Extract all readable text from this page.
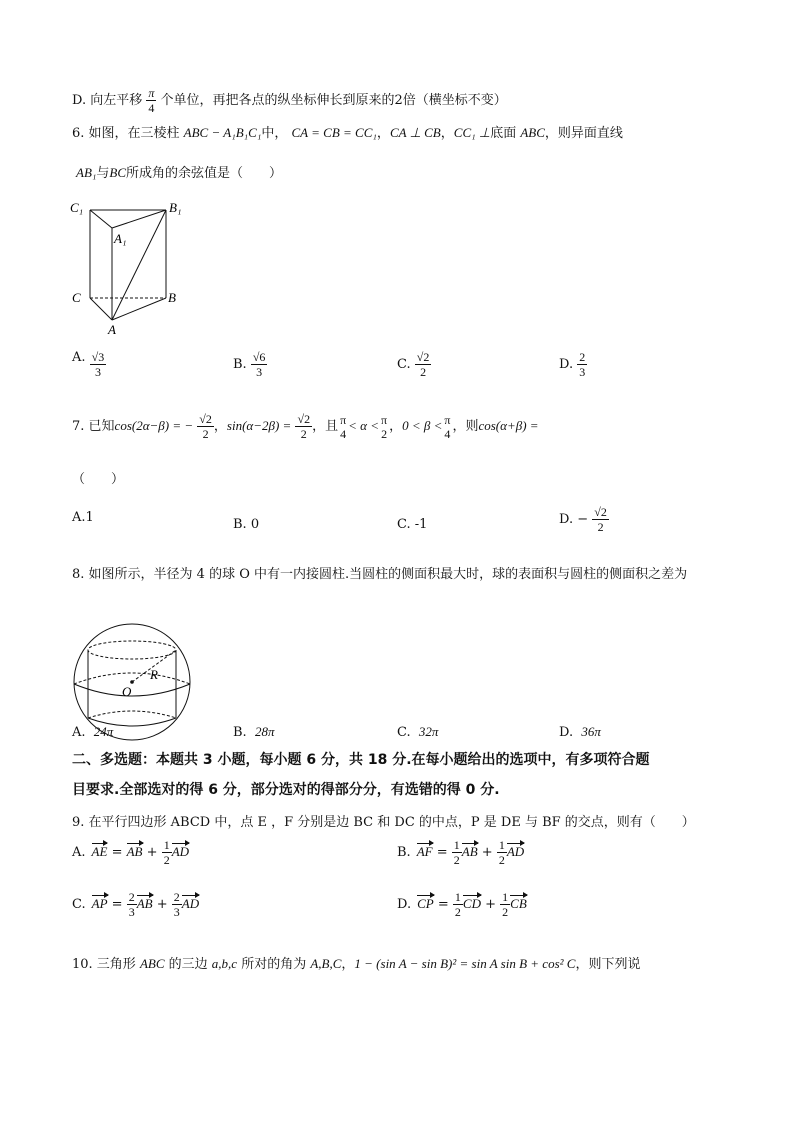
D. 向左平移 $\frac{\pi}{4}$ 个单位，再把各点的纵坐标伸长到原来的2倍（横坐标不变）
6. 如图，在三棱柱 ABC − A₁B₁C₁中， CA = CB = CC₁，CA ⊥ CB，CC₁ ⊥底面 ABC，则异面直线
AB₁与BC所成角的余弦值是（　　）
C₁	B₁
A₁
C	B
A
A. $\frac{√3}{3}$	B. $\frac{√6}{3}$	C. $\frac{√2}{2}$	D. $\frac{2}{3}$
7. 已知cos(2α−β) = − $\frac{√2}{2}$ ，$\sin(\alpha-2\beta) = \frac{√2}{2}$ ，且 π
4
< α < π
2 ，0 < β < π
4 ，则cos(α+β) =
（　　）
A.1	B. 0	C. -1	D. − $\frac{√2}{2}$
8. 如图所示，半径为 4 的球 O 中有一内接圆柱.当圆柱的侧面积最大时，球的表面积与圆柱的侧面积之差为
R
O
A. 24π	B. 28π	C. 32π	D. 36π
二、多选题：本题共 3 小题，每小题 6 分，共 18 分.在每小题给出的选项中，有多项符合题
目要求.全部选对的得 6 分，部分选对的得部分分，有选错的得 0 分.
9. 在平行四边形 ABCD 中，点 E ，F 分别是边 BC 和 DC 的中点，P 是 DE 与 BF 的交点，则有（　　）
A. AE = AB + $\frac{1}{2}$ AD	B. AF = $\frac{1}{2}$ AB + $\frac{1}{2}$ AD
C. AP = $\frac{2}{3}$ AB + $\frac{2}{3}$ AD	D. CP = $\frac{1}{2}$ CD + $\frac{1}{2}$ CB
10. 三角形 ABC 的三边 a,b,c 所对的角为 A,B,C，1 − (sin A − sin B)² = sin A sin B + cos² C，则下列说
